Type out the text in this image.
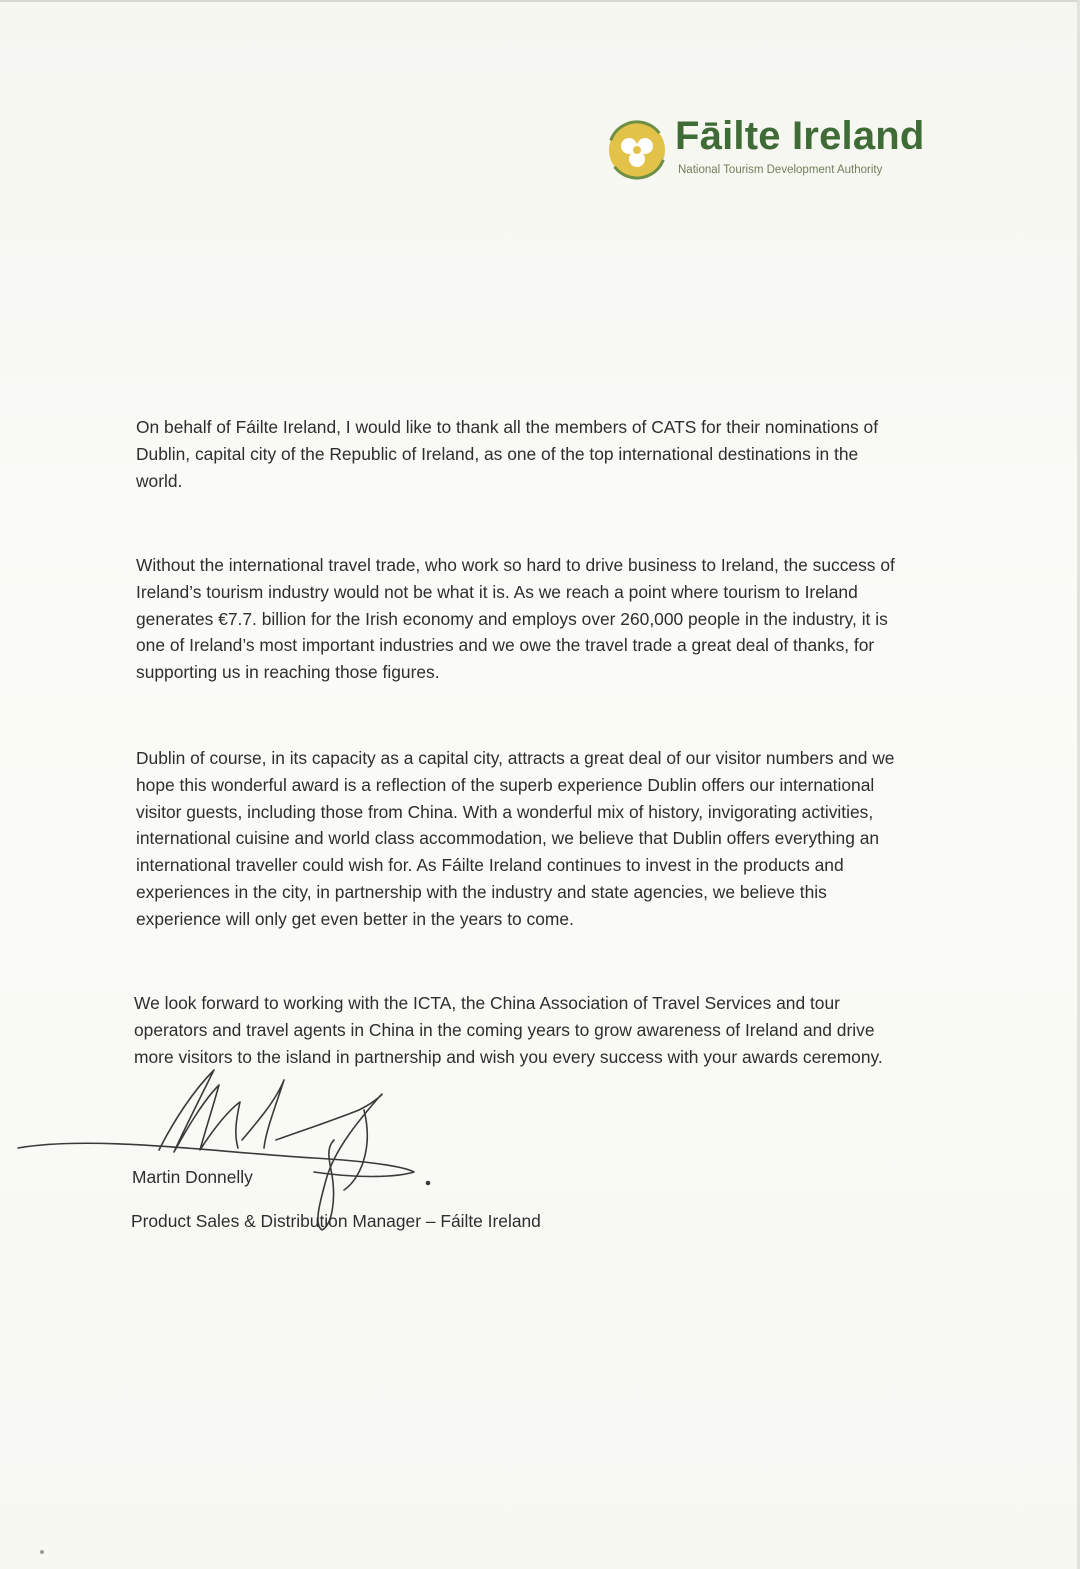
Fāilte Ireland
National Tourism Development Authority

On behalf of Fáilte Ireland, I would like to thank all the members of CATS for their nominations of
Dublin, capital city of the Republic of Ireland, as one of the top international destinations in the
world.

Without the international travel trade, who work so hard to drive business to Ireland, the success of
Ireland’s tourism industry would not be what it is. As we reach a point where tourism to Ireland
generates €7.7. billion for the Irish economy and employs over 260,000 people in the industry, it is
one of Ireland’s most important industries and we owe the travel trade a great deal of thanks, for
supporting us in reaching those figures.

Dublin of course, in its capacity as a capital city, attracts a great deal of our visitor numbers and we
hope this wonderful award is a reflection of the superb experience Dublin offers our international
visitor guests, including those from China. With a wonderful mix of history, invigorating activities,
international cuisine and world class accommodation, we believe that Dublin offers everything an
international traveller could wish for. As Fáilte Ireland continues to invest in the products and
experiences in the city, in partnership with the industry and state agencies, we believe this
experience will only get even better in the years to come.

We look forward to working with the ICTA, the China Association of Travel Services and tour
operators and travel agents in China in the coming years to grow awareness of Ireland and drive
more visitors to the island in partnership and wish you every success with your awards ceremony.

Martin Donnelly
Product Sales & Distribution Manager – Fáilte Ireland
